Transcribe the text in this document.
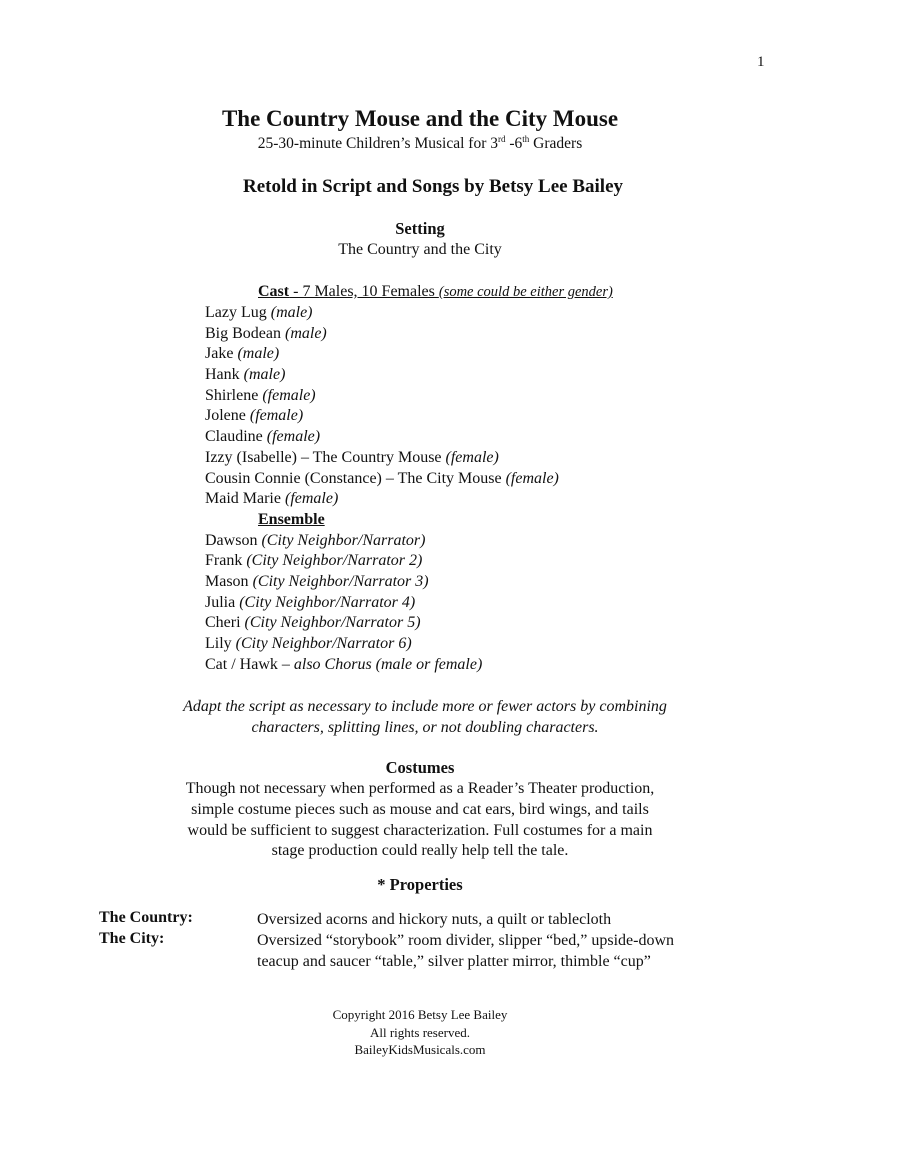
1
The Country Mouse and the City Mouse
25-30-minute Children’s Musical for 3rd -6th Graders
Retold in Script and Songs by Betsy Lee Bailey
Setting
The Country and the City
Cast - 7 Males, 10 Females (some could be either gender)
Lazy Lug (male)
Big Bodean (male)
Jake (male)
Hank (male)
Shirlene (female)
Jolene (female)
Claudine (female)
Izzy (Isabelle) – The Country Mouse (female)
Cousin Connie (Constance) – The City Mouse (female)
Maid Marie (female)
Ensemble
Dawson (City Neighbor/Narrator)
Frank (City Neighbor/Narrator 2)
Mason (City Neighbor/Narrator 3)
Julia (City Neighbor/Narrator 4)
Cheri (City Neighbor/Narrator 5)
Lily (City Neighbor/Narrator 6)
Cat / Hawk – also Chorus (male or female)
Adapt the script as necessary to include more or fewer actors by combining
characters, splitting lines, or not doubling characters.
Costumes
Though not necessary when performed as a Reader’s Theater production,
simple costume pieces such as mouse and cat ears, bird wings, and tails
would be sufficient to suggest characterization. Full costumes for a main
stage production could really help tell the tale.
* Properties
The Country:	Oversized acorns and hickory nuts, a quilt or tablecloth
The City:	Oversized “storybook” room divider, slipper “bed,” upside-down
teacup and saucer “table,” silver platter mirror, thimble “cup”
Copyright 2016 Betsy Lee Bailey
All rights reserved.
BaileyKidsMusicals.com
